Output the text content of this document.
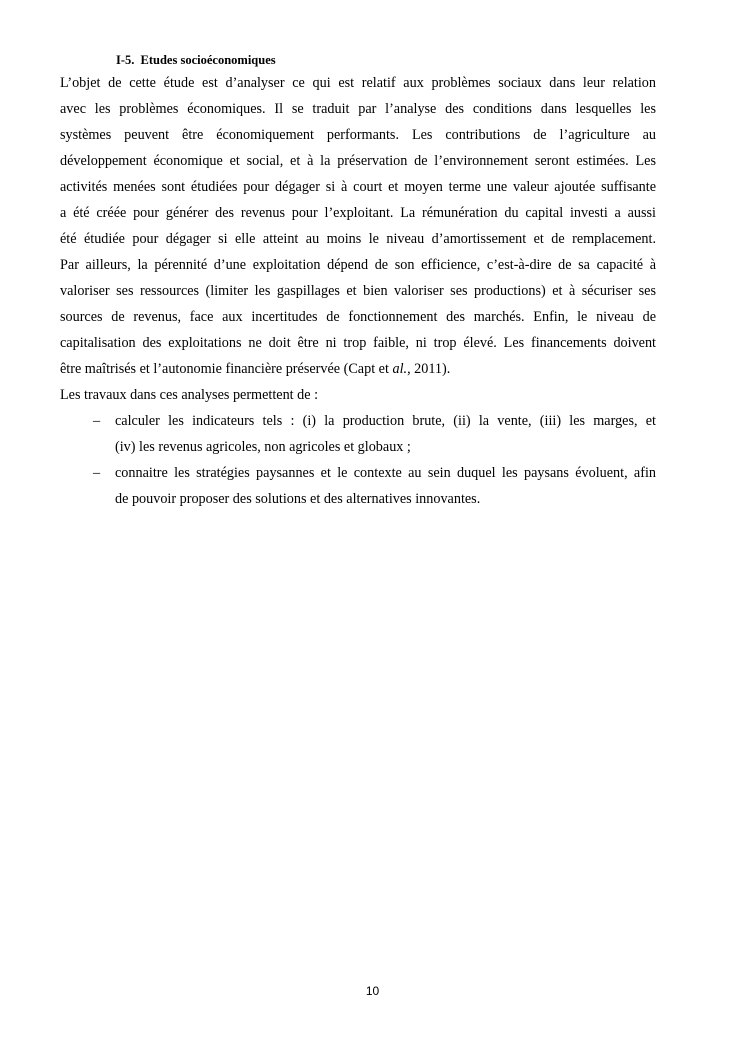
I-5. Etudes socioéconomiques
L’objet de cette étude est d’analyser ce qui est relatif aux problèmes sociaux dans leur relation
avec les problèmes économiques. Il se traduit par l’analyse des conditions dans lesquelles les
systèmes peuvent être économiquement performants. Les contributions de l’agriculture au
développement économique et social, et à la préservation de l’environnement seront estimées. Les
activités menées sont étudiées pour dégager si à court et moyen terme une valeur ajoutée suffisante
a été créée pour générer des revenus pour l’exploitant. La rémunération du capital investi a aussi
été étudiée pour dégager si elle atteint au moins le niveau d’amortissement et de remplacement.
Par ailleurs, la pérennité d’une exploitation dépend de son efficience, c’est-à-dire de sa capacité à
valoriser ses ressources (limiter les gaspillages et bien valoriser ses productions) et à sécuriser ses
sources de revenus, face aux incertitudes de fonctionnement des marchés. Enfin, le niveau de
capitalisation des exploitations ne doit être ni trop faible, ni trop élevé. Les financements doivent
être maîtrisés et l’autonomie financière préservée (Capt et al., 2011).
Les travaux dans ces analyses permettent de :
– calculer les indicateurs tels : (i) la production brute, (ii) la vente, (iii) les marges, et
(iv) les revenus agricoles, non agricoles et globaux ;
– connaitre les stratégies paysannes et le contexte au sein duquel les paysans évoluent, afin
de pouvoir proposer des solutions et des alternatives innovantes.
10
